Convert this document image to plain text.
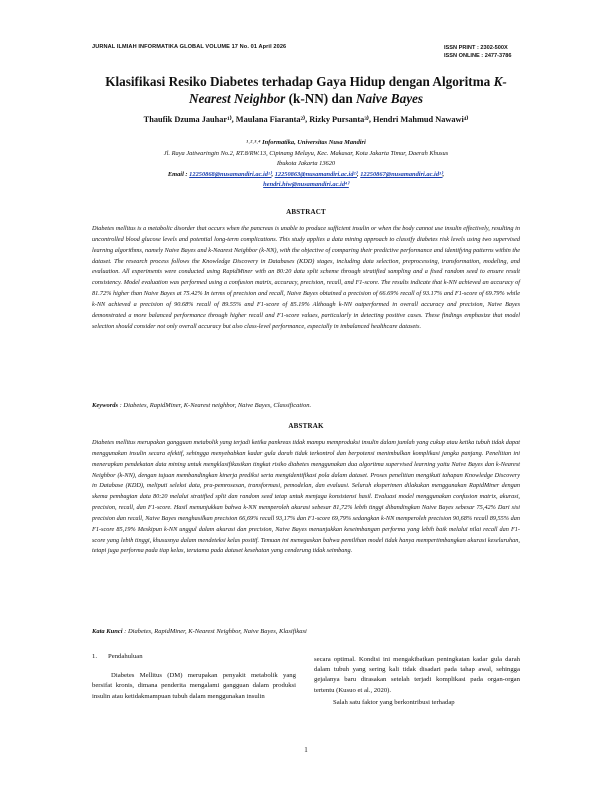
JURNAL ILMIAH INFORMATIKA GLOBAL VOLUME 17 No. 01 April 2026	ISSN PRINT : 2302-500X
ISSN ONLINE : 2477-3786
Klasifikasi Resiko Diabetes terhadap Gaya Hidup dengan Algoritma K-Nearest Neighbor (k-NN) dan Naive Bayes
Thaufik Dzuma Jauhar¹⁾, Maulana Fiaranta²⁾, Rizky Pursanta³⁾, Hendri Mahmud Nawawi⁴⁾
¹˒²˒³˒⁴ Informatika, Universitas Nusa Mandiri
Jl. Raya Jatiwaringin No.2, RT.8/RW.13, Cipinang Melayu, Kec. Makasar, Kota Jakarta Timur, Daerah Khusus
Ibukota Jakarta 13620
Email : 12250868@nusamandiri.ac.id¹⁾, 12250863@nusamandiri.ac.id²⁾, 12250867@nusamandiri.ac.id³⁾,
hendri.hiw@nusamandiri.ac.id⁴⁾
ABSTRACT
Diabetes mellitus is a metabolic disorder that occurs when the pancreas is unable to produce sufficient insulin or when the body cannot use insulin effectively, resulting in uncontrolled blood glucose levels and potential long-term complications. This study applies a data mining approach to classify diabetes risk levels using two supervised learning algorithms, namely Naive Bayes and k-Nearest Neighbor (k-NN), with the objective of comparing their predictive performance and identifying patterns within the dataset. The research process follows the Knowledge Discovery in Databases (KDD) stages, including data selection, preprocessing, transformation, modeling, and evaluation. All experiments were conducted using RapidMiner with an 80:20 data split scheme through stratified sampling and a fixed random seed to ensure result consistency. Model evaluation was performed using a confusion matrix, accuracy, precision, recall, and F1-score. The results indicate that k-NN achieved an accuracy of 81.72% higher than Naive Bayes at 75.42% In terms of precision and recall, Naive Bayes obtained a precision of 66.69% recall of 93.17% and F1-score of 69.79% while k-NN achieved a precision of 90.68% recall of 89.55% and F1-score of 85.19% Although k-NN outperformed in overall accuracy and precision, Naive Bayes demonstrated a more balanced performance through higher recall and F1-score values, particularly in detecting positive cases. These findings emphasize that model selection should consider not only overall accuracy but also class-level performance, especially in imbalanced healthcare datasets.
Keywords : Diabetes, RapidMiner, K-Nearest neighbor, Naive Bayes, Classification.
ABSTRAK
Diabetes mellitus merupakan gangguan metabolik yang terjadi ketika pankreas tidak mampu memproduksi insulin dalam jumlah yang cukup atau ketika tubuh tidak dapat menggunakan insulin secara efektif, sehingga menyebabkan kadar gula darah tidak terkontrol dan berpotensi menimbulkan komplikasi jangka panjang. Penelitian ini menerapkan pendekatan data mining untuk mengklasifikasikan tingkat risiko diabetes menggunakan dua algoritma supervised learning yaitu Naive Bayes dan k-Nearest Neighbor (k-NN), dengan tujuan membandingkan kinerja prediksi serta mengidentifikasi pola dalam dataset. Proses penelitian mengikuti tahapan Knowledge Discovery in Database (KDD), meliputi seleksi data, pra-pemrosesan, transformasi, pemodelan, dan evaluasi. Seluruh eksperimen dilakukan menggunakan RapidMiner dengan skema pembagian data 80:20 melalui stratified split dan random seed tetap untuk menjaga konsistensi hasil. Evaluasi model menggunakan confusion matrix, akurasi, precision, recall, dan F1-score. Hasil menunjukkan bahwa k-NN memperoleh akurasi sebesar 81,72% lebih tinggi dibandingkan Naive Bayes sebesar 75,42% Dari sisi precision dan recall, Naive Bayes menghasilkan precision 66,69% recall 93,17% dan F1-score 69,79% sedangkan k-NN memperoleh precision 90,68% recall 89,55% dan F1-score 85,19% Meskipun k-NN unggul dalam akurasi dan precision, Naive Bayes menunjukkan keseimbangan performa yang lebih baik melalui nilai recall dan F1-score yang lebih tinggi, khususnya dalam mendeteksi kelas positif. Temuan ini menegaskan bahwa pemilihan model tidak hanya mempertimbangkan akurasi keseluruhan, tetapi juga performa pada tiap kelas, terutama pada dataset kesehatan yang cenderung tidak seimbang.
Kata Kunci : Diabetes, RapidMiner, K-Nearest Neighbor, Naive Bayes, Klasifikasi
1. Pendahuluan

Diabetes Mellitus (DM) merupakan penyakit metabolik yang bersifat kronis, dimana penderita mengalami gangguan dalam produksi insulin atau ketidakmampuan tubuh dalam menggunakan insulin

secara optimal. Kondisi ini mengakibatkan peningkatan kadar gula darah dalam tubuh yang sering kali tidak disadari pada tahap awal, sehingga gejalanya baru dirasakan setelah terjadi komplikasi pada organ-organ tertentu (Kusuo et al., 2020).

Salah satu faktor yang berkontribusi terhadap

1
